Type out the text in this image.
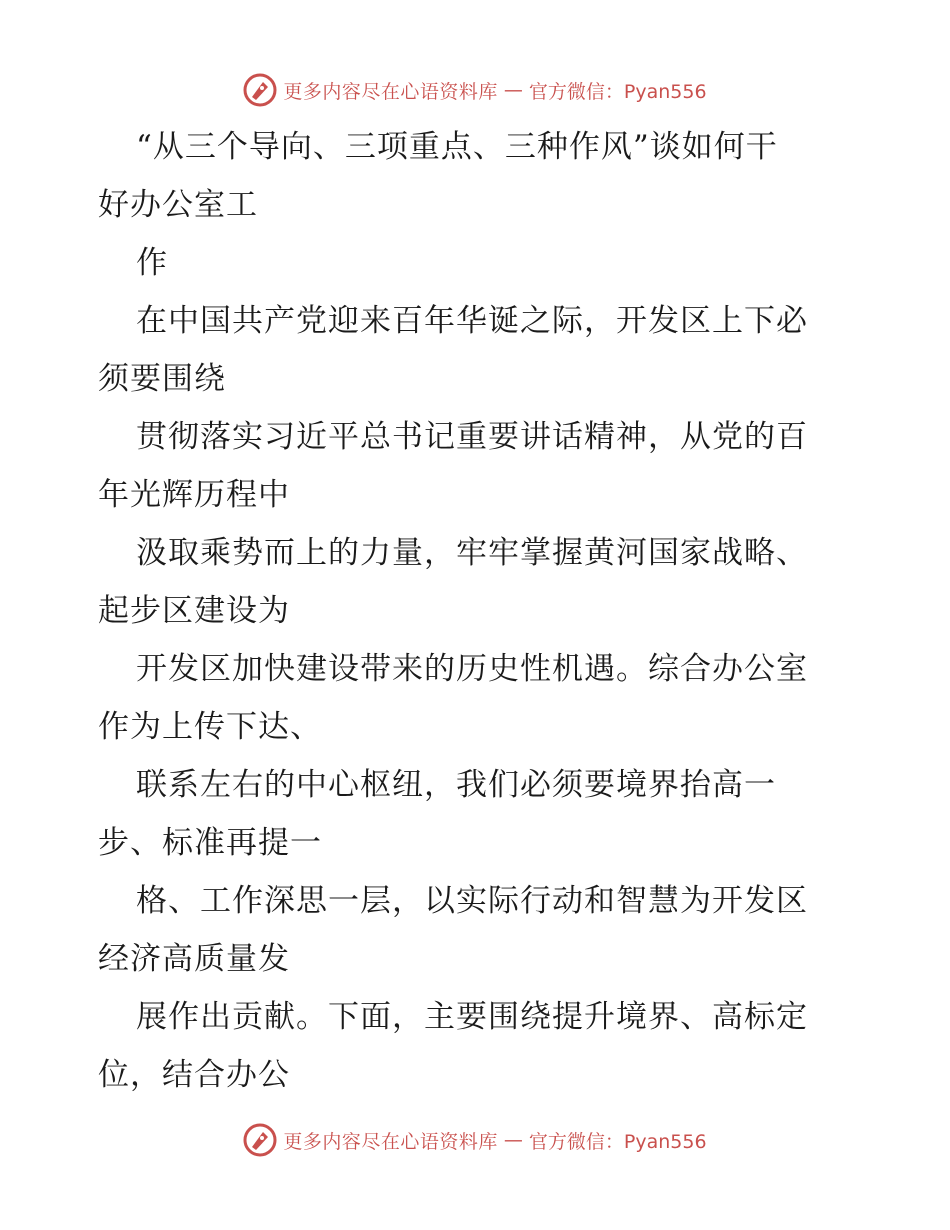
更多内容尽在心语资料库 — 官方微信：Pyan556
“从三个导向、三项重点、三种作风”谈如何干
好办公室工
作
在中国共产党迎来百年华诞之际，开发区上下必
须要围绕
贯彻落实习近平总书记重要讲话精神，从党的百
年光辉历程中
汲取乘势而上的力量，牢牢掌握黄河国家战略、
起步区建设为
开发区加快建设带来的历史性机遇。综合办公室
作为上传下达、
联系左右的中心枢纽，我们必须要境界抬高一
步、标准再提一
格、工作深思一层，以实际行动和智慧为开发区
经济高质量发
展作出贡献。下面，主要围绕提升境界、高标定
位，结合办公
更多内容尽在心语资料库 — 官方微信：Pyan556
